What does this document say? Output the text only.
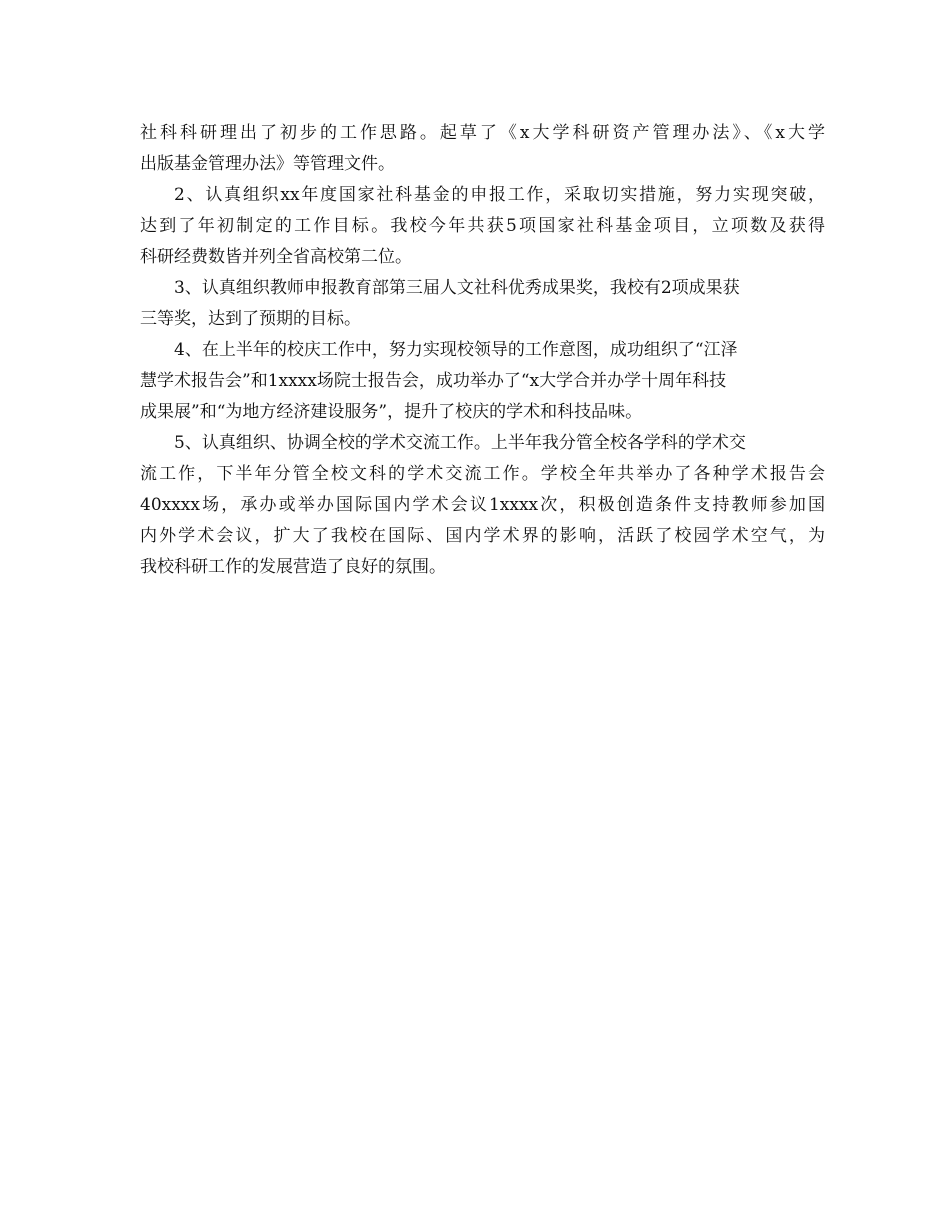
社科科研理出了初步的工作思路。起草了《x大学科研资产管理办法》、《x大学
出版基金管理办法》等管理文件。
2、认真组织xx年度国家社科基金的申报工作，采取切实措施，努力实现突破，
达到了年初制定的工作目标。我校今年共获5项国家社科基金项目，立项数及获得
科研经费数皆并列全省高校第二位。
3、认真组织教师申报教育部第三届人文社科优秀成果奖，我校有2项成果获
三等奖，达到了预期的目标。
4、在上半年的校庆工作中，努力实现校领导的工作意图，成功组织了“江泽
慧学术报告会”和1xxxx场院士报告会，成功举办了“x大学合并办学十周年科技
成果展”和“为地方经济建设服务”，提升了校庆的学术和科技品味。
5、认真组织、协调全校的学术交流工作。上半年我分管全校各学科的学术交
流工作，下半年分管全校文科的学术交流工作。学校全年共举办了各种学术报告会
40xxxx场，承办或举办国际国内学术会议1xxxx次，积极创造条件支持教师参加国
内外学术会议，扩大了我校在国际、国内学术界的影响，活跃了校园学术空气，为
我校科研工作的发展营造了良好的氛围。
